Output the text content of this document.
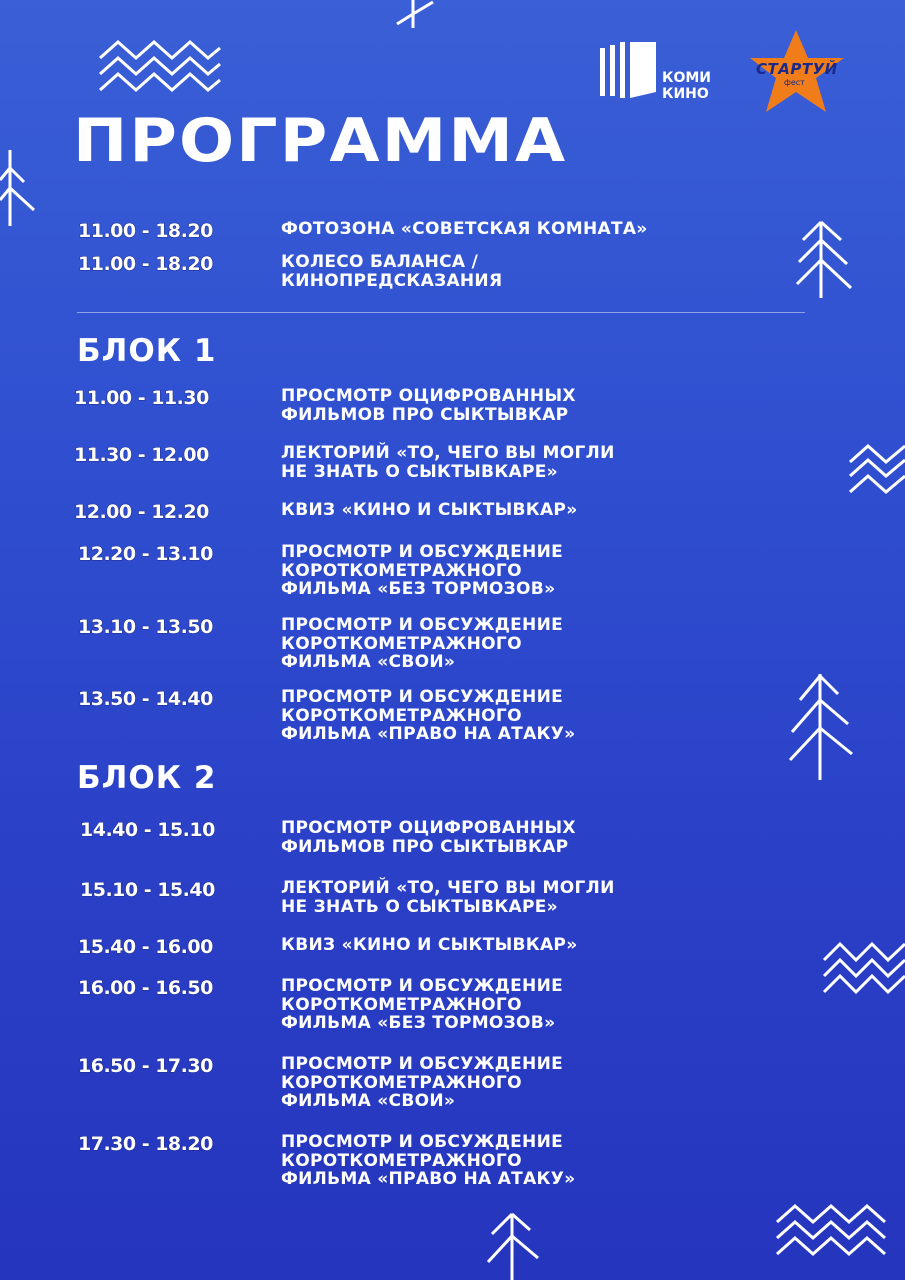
КОМИ
КИНО
СТАРТУЙ
фест
ПРОГРАММА
11.00 - 18.20	ФОТОЗОНА «СОВЕТСКАЯ КОМНАТА»
11.00 - 18.20	КОЛЕСО БАЛАНСА /
КИНОПРЕДСКАЗАНИЯ
БЛОК 1
11.00 - 11.30	ПРОСМОТР ОЦИФРОВАННЫХ
ФИЛЬМОВ ПРО СЫКТЫВКАР
11.30 - 12.00	ЛЕКТОРИЙ «ТО, ЧЕГО ВЫ МОГЛИ
НЕ ЗНАТЬ О СЫКТЫВКАРЕ»
12.00 - 12.20	КВИЗ «КИНО И СЫКТЫВКАР»
12.20 - 13.10	ПРОСМОТР И ОБСУЖДЕНИЕ
КОРОТКОМЕТРАЖНОГО
ФИЛЬМА «БЕЗ ТОРМОЗОВ»
13.10 - 13.50	ПРОСМОТР И ОБСУЖДЕНИЕ
КОРОТКОМЕТРАЖНОГО
ФИЛЬМА «СВОИ»
13.50 - 14.40	ПРОСМОТР И ОБСУЖДЕНИЕ
КОРОТКОМЕТРАЖНОГО
ФИЛЬМА «ПРАВО НА АТАКУ»
БЛОК 2
14.40 - 15.10	ПРОСМОТР ОЦИФРОВАННЫХ
ФИЛЬМОВ ПРО СЫКТЫВКАР
15.10 - 15.40	ЛЕКТОРИЙ «ТО, ЧЕГО ВЫ МОГЛИ
НЕ ЗНАТЬ О СЫКТЫВКАРЕ»
15.40 - 16.00	КВИЗ «КИНО И СЫКТЫВКАР»
16.00 - 16.50	ПРОСМОТР И ОБСУЖДЕНИЕ
КОРОТКОМЕТРАЖНОГО
ФИЛЬМА «БЕЗ ТОРМОЗОВ»
16.50 - 17.30	ПРОСМОТР И ОБСУЖДЕНИЕ
КОРОТКОМЕТРАЖНОГО
ФИЛЬМА «СВОИ»
17.30 - 18.20	ПРОСМОТР И ОБСУЖДЕНИЕ
КОРОТКОМЕТРАЖНОГО
ФИЛЬМА «ПРАВО НА АТАКУ»
